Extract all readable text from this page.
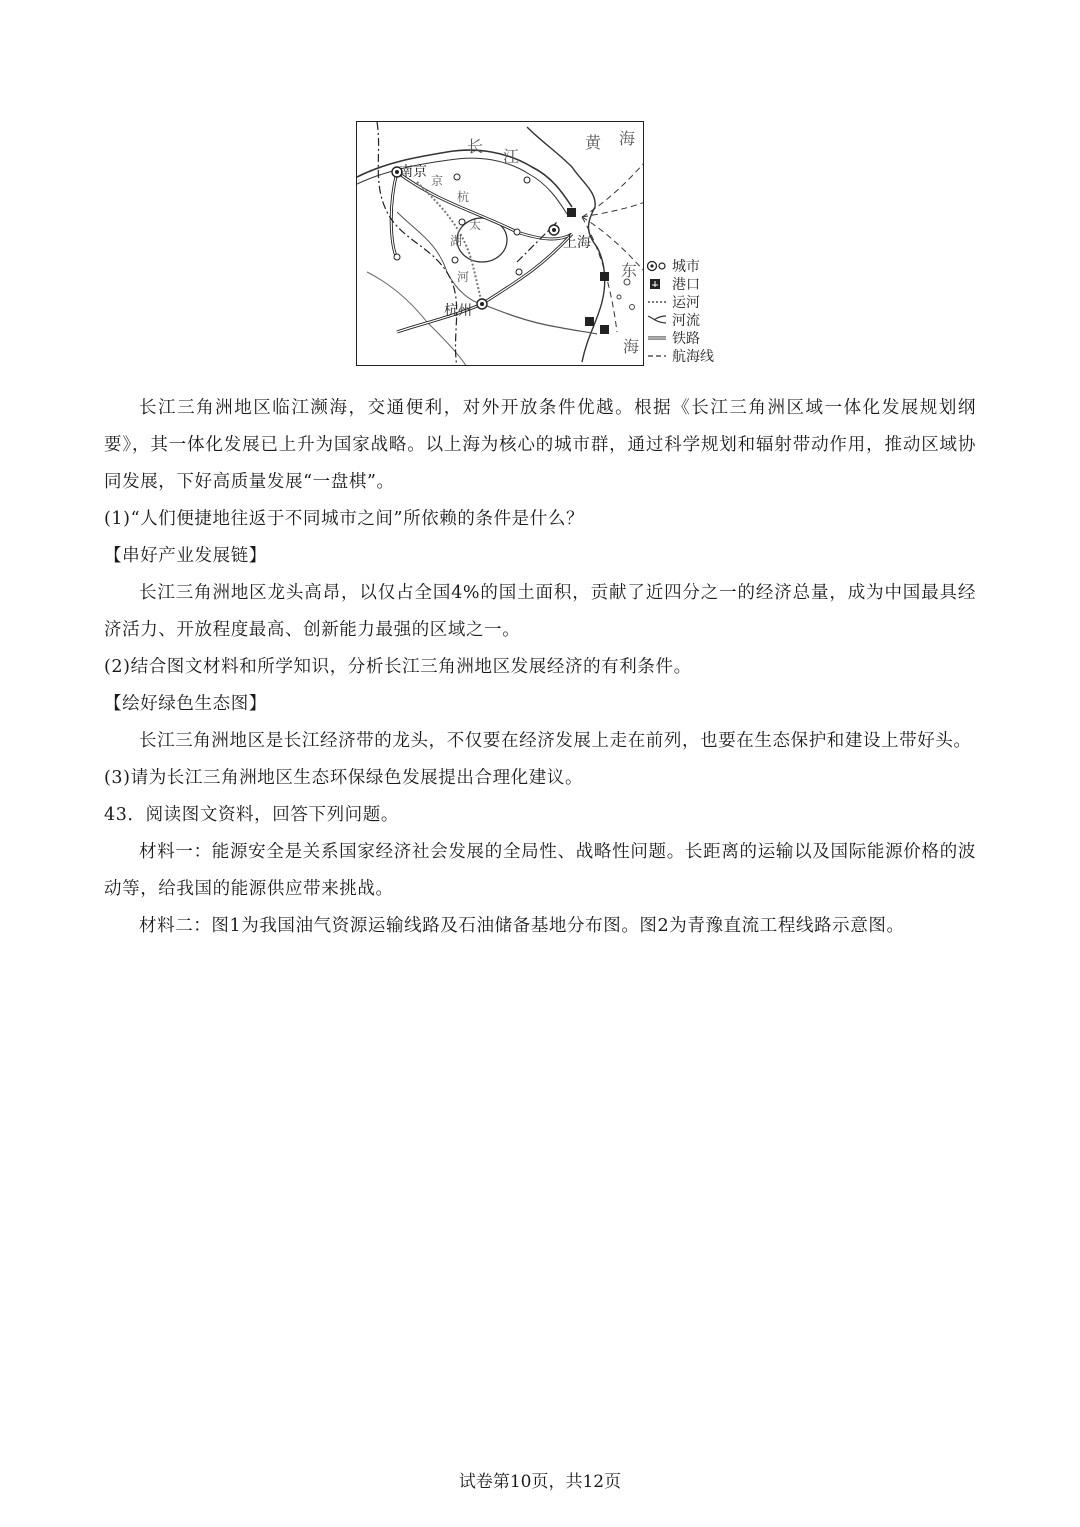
南京
京
杭
太
湖
河
杭州
上海
长
江
黄 海
东
海
城市
港口
运河
河流
铁路
航海线

长江三角洲地区临江濒海，交通便利，对外开放条件优越。根据《长江三角洲区域一体化发展规划纲要》，其一体化发展已上升为国家战略。以上海为核心的城市群，通过科学规划和辐射带动作用，推动区域协同发展，下好高质量发展“一盘棋”。

(1)“人们便捷地往返于不同城市之间”所依赖的条件是什么？

【串好产业发展链】

长江三角洲地区龙头高昂，以仅占全国4%的国土面积，贡献了近四分之一的经济总量，成为中国最具经济活力、开放程度最高、创新能力最强的区域之一。

(2)结合图文材料和所学知识，分析长江三角洲地区发展经济的有利条件。

【绘好绿色生态图】

长江三角洲地区是长江经济带的龙头，不仅要在经济发展上走在前列，也要在生态保护和建设上带好头。

(3)请为长江三角洲地区生态环保绿色发展提出合理化建议。

43．阅读图文资料，回答下列问题。

材料一：能源安全是关系国家经济社会发展的全局性、战略性问题。长距离的运输以及国际能源价格的波动等，给我国的能源供应带来挑战。

材料二：图1为我国油气资源运输线路及石油储备基地分布图。图2为青豫直流工程线路示意图。

试卷第10页，共12页
